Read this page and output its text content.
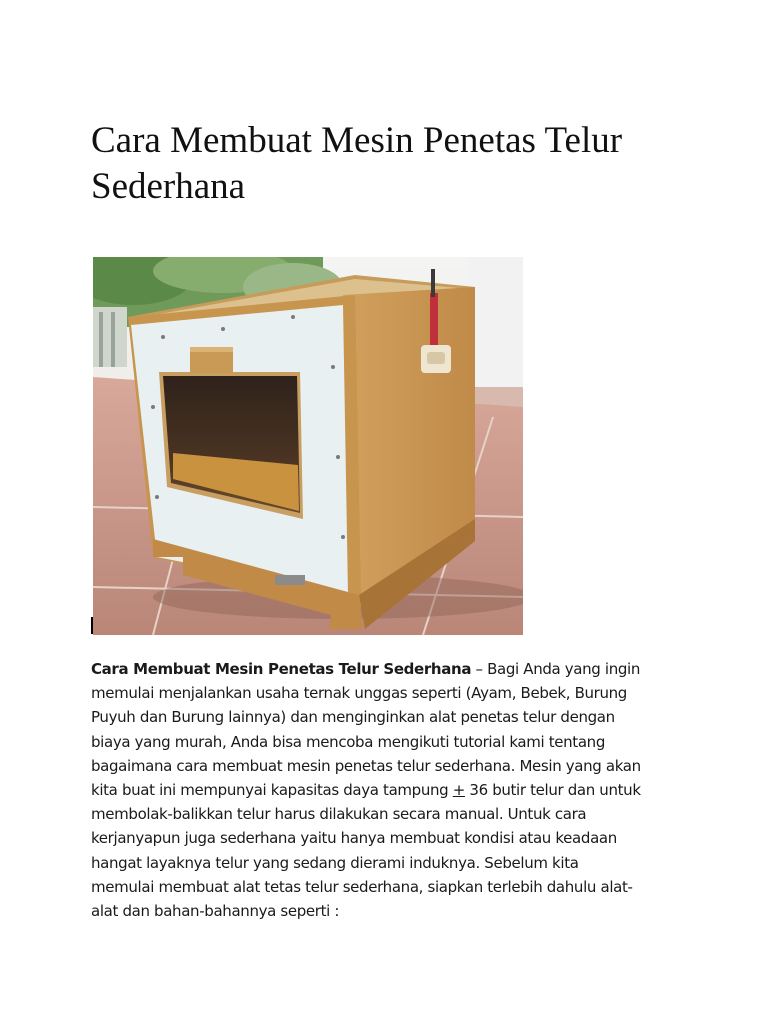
Cara Membuat Mesin Penetas Telur
Sederhana
Cara Membuat Mesin Penetas Telur Sederhana – Bagi Anda yang ingin
memulai menjalankan usaha ternak unggas seperti (Ayam, Bebek, Burung
Puyuh dan Burung lainnya) dan menginginkan alat penetas telur dengan
biaya yang murah, Anda bisa mencoba mengikuti tutorial kami tentang
bagaimana cara membuat mesin penetas telur sederhana. Mesin yang akan
kita buat ini mempunyai kapasitas daya tampung + 36 butir telur dan untuk
membolak-balikkan telur harus dilakukan secara manual. Untuk cara
kerjanyapun juga sederhana yaitu hanya membuat kondisi atau keadaan
hangat layaknya telur yang sedang dierami induknya. Sebelum kita
memulai membuat alat tetas telur sederhana, siapkan terlebih dahulu alat-
alat dan bahan-bahannya seperti :
